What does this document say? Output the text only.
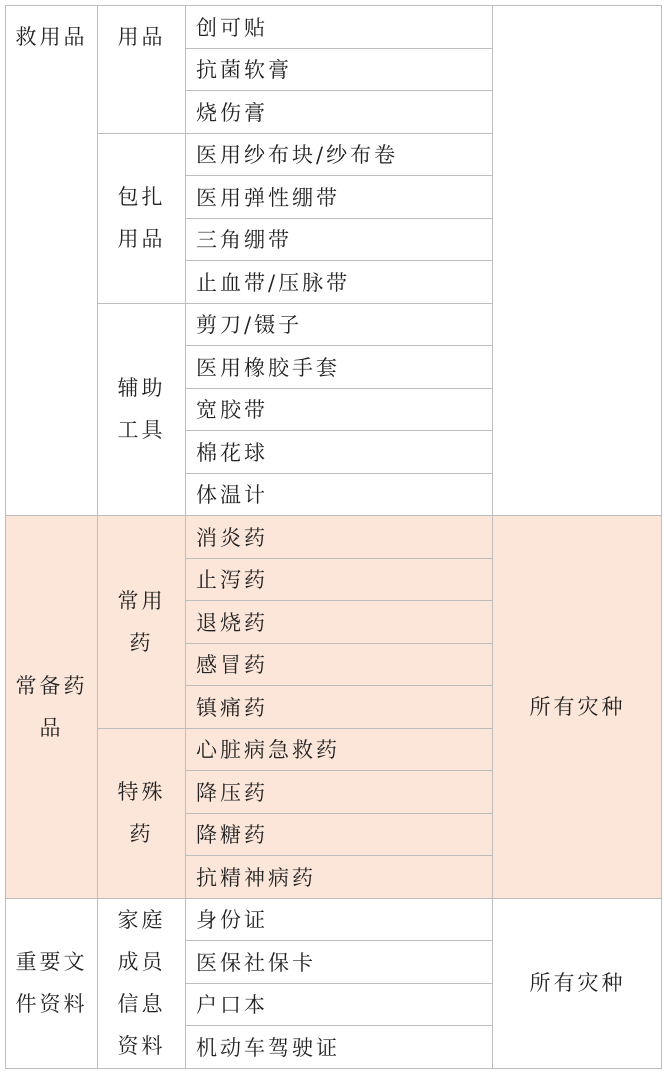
救用品 用品 创可贴
抗菌软膏
烧伤膏
包扎
用品
医用纱布块/纱布卷
医用弹性绷带
三角绷带
止血带/压脉带
辅助
工具
剪刀/镊子
医用橡胶手套
宽胶带
棉花球
体温计
常备药
品
所有灾种
常用
药
消炎药
止泻药
退烧药
感冒药
镇痛药
特殊
药
心脏病急救药
降压药
降糖药
抗精神病药
重要文
件资料
所有灾种
家庭
成员
信息
资料
身份证
医保社保卡
户口本
机动车驾驶证
